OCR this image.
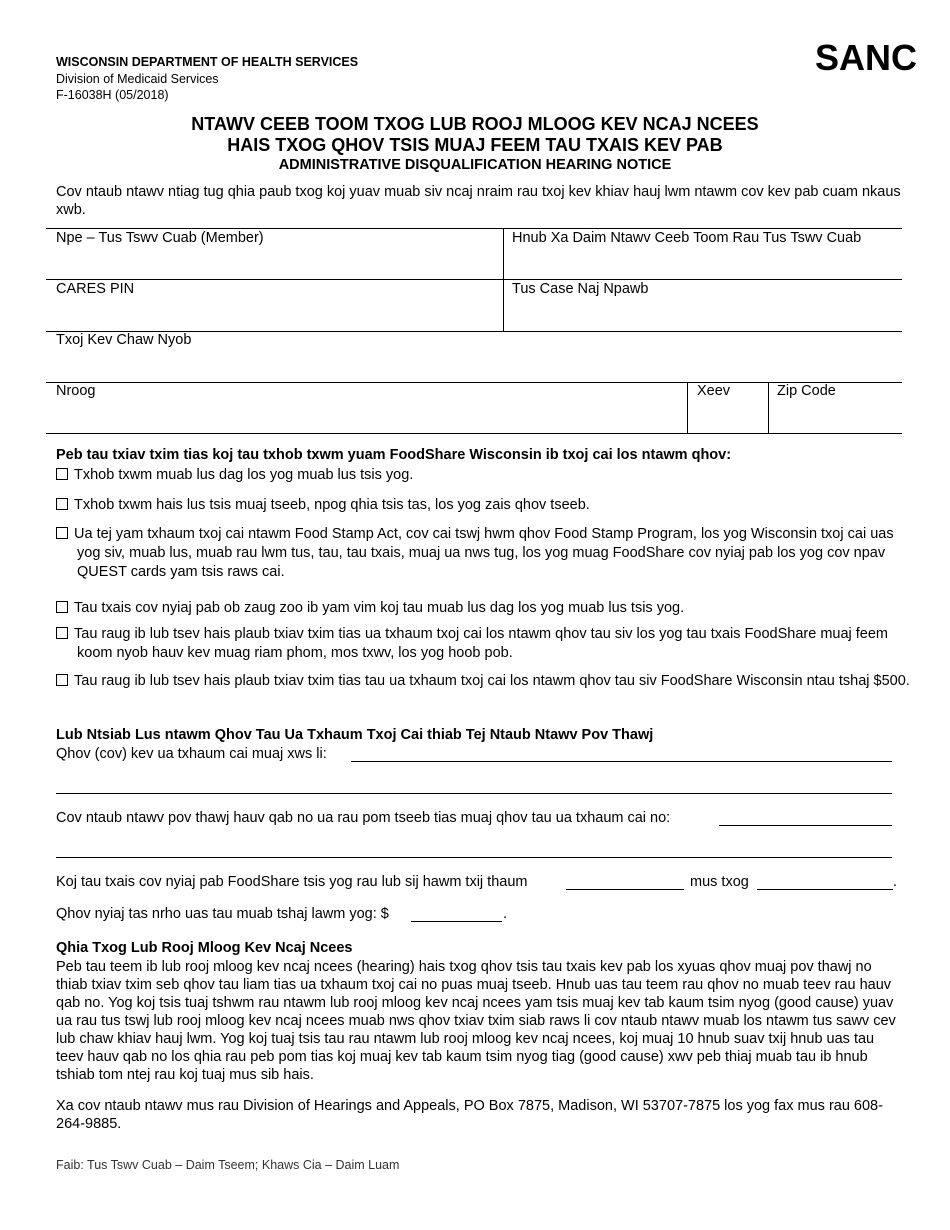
WISCONSIN DEPARTMENT OF HEALTH SERVICES
Division of Medicaid Services
F-16038H (05/2018)
SANC
NTAWV CEEB TOOM TXOG LUB ROOJ MLOOG KEV NCAJ NCEES
HAIS TXOG QHOV TSIS MUAJ FEEM TAU TXAIS KEV PAB
ADMINISTRATIVE DISQUALIFICATION HEARING NOTICE
Cov ntaub ntawv ntiag tug qhia paub txog koj yuav muab siv ncaj nraim rau txoj kev khiav hauj lwm ntawm cov kev pab cuam nkaus xwb.
Npe – Tus Tswv Cuab (Member)	Hnub Xa Daim Ntawv Ceeb Toom Rau Tus Tswv Cuab
CARES PIN	Tus Case Naj Npawb
Txoj Kev Chaw Nyob
Nroog	Xeev	Zip Code
Peb tau txiav txim tias koj tau txhob txwm yuam FoodShare Wisconsin ib txoj cai los ntawm qhov:
Txhob txwm muab lus dag los yog muab lus tsis yog.
Txhob txwm hais lus tsis muaj tseeb, npog qhia tsis tas, los yog zais qhov tseeb.
Ua tej yam txhaum txoj cai ntawm Food Stamp Act, cov cai tswj hwm qhov Food Stamp Program, los yog Wisconsin txoj cai uas yog siv, muab lus, muab rau lwm tus, tau, tau txais, muaj ua nws tug, los yog muag FoodShare cov nyiaj pab los yog cov npav QUEST cards yam tsis raws cai.
Tau txais cov nyiaj pab ob zaug zoo ib yam vim koj tau muab lus dag los yog muab lus tsis yog.
Tau raug ib lub tsev hais plaub txiav txim tias ua txhaum txoj cai los ntawm qhov tau siv los yog tau txais FoodShare muaj feem koom nyob hauv kev muag riam phom, mos txwv, los yog hoob pob.
Tau raug ib lub tsev hais plaub txiav txim tias tau ua txhaum txoj cai los ntawm qhov tau siv FoodShare Wisconsin ntau tshaj $500.
Lub Ntsiab Lus ntawm Qhov Tau Ua Txhaum Txoj Cai thiab Tej Ntaub Ntawv Pov Thawj
Qhov (cov) kev ua txhaum cai muaj xws li:
Cov ntaub ntawv pov thawj hauv qab no ua rau pom tseeb tias muaj qhov tau ua txhaum cai no:
Koj tau txais cov nyiaj pab FoodShare tsis yog rau lub sij hawm txij thaum	mus txog	.
Qhov nyiaj tas nrho uas tau muab tshaj lawm yog: $	.
Qhia Txog Lub Rooj Mloog Kev Ncaj Ncees
Peb tau teem ib lub rooj mloog kev ncaj ncees (hearing) hais txog qhov tsis tau txais kev pab los xyuas qhov muaj pov thawj no thiab txiav txim seb qhov tau liam tias ua txhaum txoj cai no puas muaj tseeb. Hnub uas tau teem rau qhov no muab teev rau hauv qab no. Yog koj tsis tuaj tshwm rau ntawm lub rooj mloog kev ncaj ncees yam tsis muaj kev tab kaum tsim nyog (good cause) yuav ua rau tus tswj lub rooj mloog kev ncaj ncees muab nws qhov txiav txim siab raws li cov ntaub ntawv muab los ntawm tus sawv cev lub chaw khiav hauj lwm. Yog koj tuaj tsis tau rau ntawm lub rooj mloog kev ncaj ncees, koj muaj 10 hnub suav txij hnub uas tau teev hauv qab no los qhia rau peb pom tias koj muaj kev tab kaum tsim nyog tiag (good cause) xwv peb thiaj muab tau ib hnub tshiab tom ntej rau koj tuaj mus sib hais.
Xa cov ntaub ntawv mus rau Division of Hearings and Appeals, PO Box 7875, Madison, WI 53707-7875 los yog fax mus rau 608-264-9885.
Faib: Tus Tswv Cuab – Daim Tseem; Khaws Cia – Daim Luam
